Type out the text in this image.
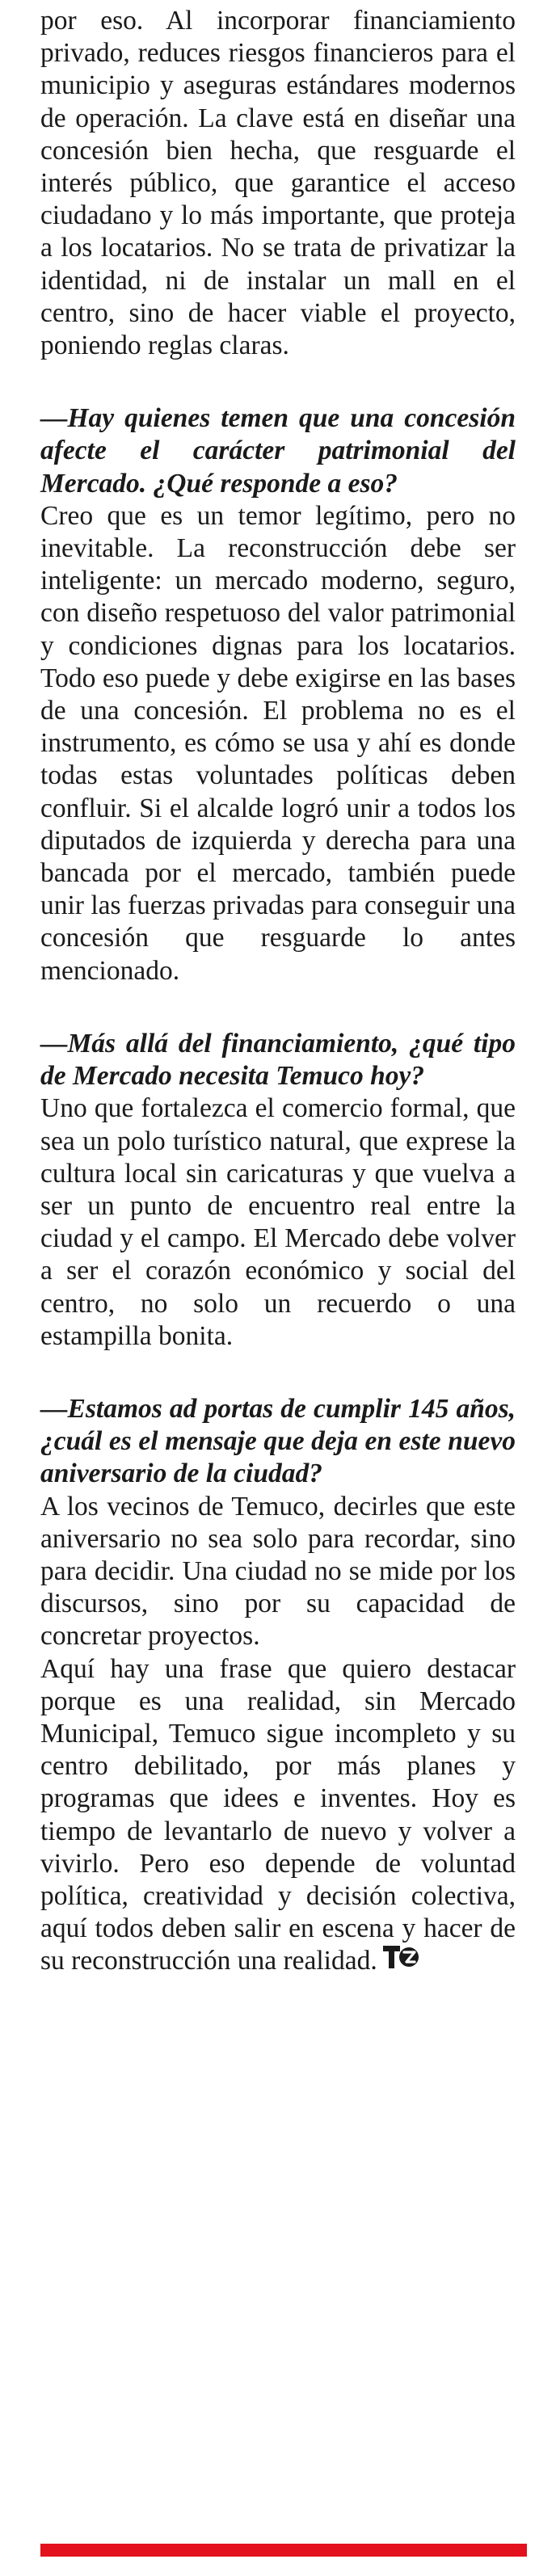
por eso. Al incorporar financiamiento privado, reduces riesgos financieros para el municipio y aseguras estándares modernos de operación. La clave está en diseñar una concesión bien hecha, que resguarde el interés público, que garantice el acceso ciudadano y lo más importante, que proteja a los locatarios. No se trata de privatizar la identidad, ni de instalar un mall en el centro, sino de hacer viable el proyecto, poniendo reglas claras.

—Hay quienes temen que una concesión afecte el carácter patrimonial del Mercado. ¿Qué responde a eso?

Creo que es un temor legítimo, pero no inevitable. La reconstrucción debe ser inteligente: un mercado moderno, seguro, con diseño respetuoso del valor patrimonial y condiciones dignas para los locatarios. Todo eso puede y debe exigirse en las bases de una concesión. El problema no es el instrumento, es cómo se usa y ahí es donde todas estas voluntades políticas deben confluir. Si el alcalde logró unir a todos los diputados de izquierda y derecha para una bancada por el mercado, también puede unir las fuerzas privadas para conseguir una concesión que resguarde lo antes mencionado.

—Más allá del financiamiento, ¿qué tipo de Mercado necesita Temuco hoy?

Uno que fortalezca el comercio formal, que sea un polo turístico natural, que exprese la cultura local sin caricaturas y que vuelva a ser un punto de encuentro real entre la ciudad y el campo. El Mercado debe volver a ser el corazón económico y social del centro, no solo un recuerdo o una estampilla bonita.

—Estamos ad portas de cumplir 145 años, ¿cuál es el mensaje que deja en este nuevo aniversario de la ciudad?

A los vecinos de Temuco, decirles que este aniversario no sea solo para recordar, sino para decidir. Una ciudad no se mide por los discursos, sino por su capacidad de concretar proyectos.

Aquí hay una frase que quiero destacar porque es una realidad, sin Mercado Municipal, Temuco sigue incompleto y su centro debilitado, por más planes y programas que idees e inventes. Hoy es tiempo de levantarlo de nuevo y volver a vivirlo. Pero eso depende de voluntad política, creatividad y decisión colectiva, aquí todos deben salir en escena y hacer de su reconstrucción una realidad.
